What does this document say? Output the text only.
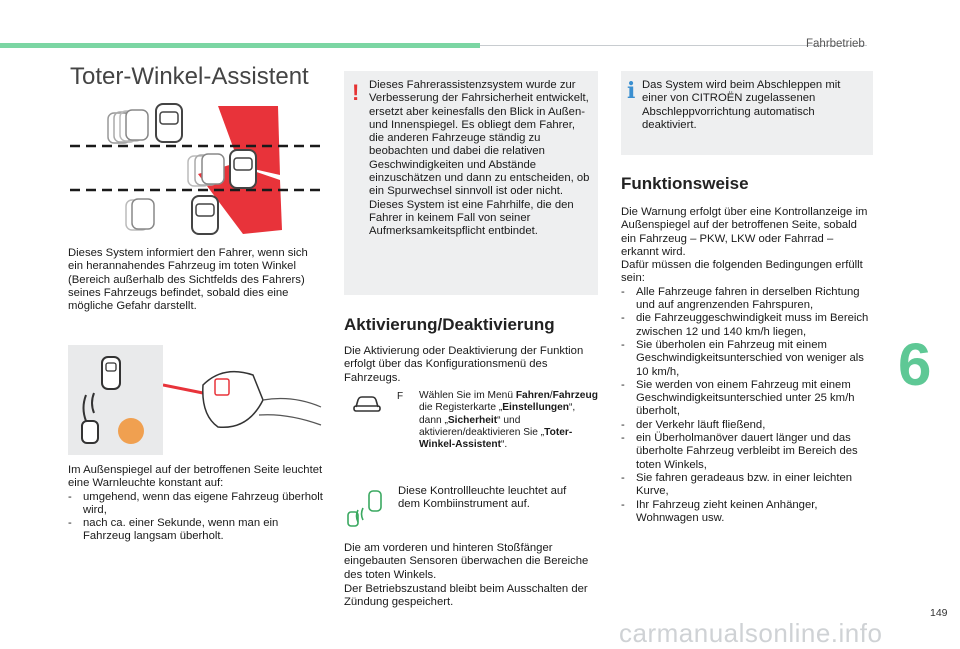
Fahrbetrieb
6
149
carmanualsonline.info
Toter-Winkel-Assistent
Dieses System informiert den Fahrer, wenn sich ein herannahendes Fahrzeug im toten Winkel (Bereich außerhalb des Sichtfelds des Fahrers) seines Fahrzeugs befindet, sobald dies eine mögliche Gefahr darstellt.
Im Außenspiegel auf der betroffenen Seite leuchtet eine Warnleuchte konstant auf:
- umgehend, wenn das eigene Fahrzeug überholt wird,
- nach ca. einer Sekunde, wenn man ein Fahrzeug langsam überholt.
! Dieses Fahrerassistenzsystem wurde zur Verbesserung der Fahrsicherheit entwickelt, ersetzt aber keinesfalls den Blick in Außen- und Innenspiegel. Es obliegt dem Fahrer, die anderen Fahrzeuge ständig zu beobachten und dabei die relativen Geschwindigkeiten und Abstände einzuschätzen und dann zu entscheiden, ob ein Spurwechsel sinnvoll ist oder nicht. Dieses System ist eine Fahrhilfe, die den Fahrer in keinem Fall von seiner Aufmerksamkeitspflicht entbindet.
Aktivierung/Deaktivierung
Die Aktivierung oder Deaktivierung der Funktion erfolgt über das Konfigurationsmenü des Fahrzeugs.
F Wählen Sie im Menü Fahren/Fahrzeug die Registerkarte „Einstellungen“, dann „Sicherheit“ und aktivieren/deaktivieren Sie „Toter-Winkel-Assistent“.
Diese Kontrollleuchte leuchtet auf dem Kombiinstrument auf.
Die am vorderen und hinteren Stoßfänger eingebauten Sensoren überwachen die Bereiche des toten Winkels.
Der Betriebszustand bleibt beim Ausschalten der Zündung gespeichert.
i Das System wird beim Abschleppen mit einer von CITROËN zugelassenen Abschleppvorrichtung automatisch deaktiviert.
Funktionsweise
Die Warnung erfolgt über eine Kontrollanzeige im Außenspiegel auf der betroffenen Seite, sobald ein Fahrzeug – PKW, LKW oder Fahrrad – erkannt wird.
Dafür müssen die folgenden Bedingungen erfüllt sein:
- Alle Fahrzeuge fahren in derselben Richtung und auf angrenzenden Fahrspuren,
- die Fahrzeuggeschwindigkeit muss im Bereich zwischen 12 und 140 km/h liegen,
- Sie überholen ein Fahrzeug mit einem Geschwindigkeitsunterschied von weniger als 10 km/h,
- Sie werden von einem Fahrzeug mit einem Geschwindigkeitsunterschied unter 25 km/h überholt,
- der Verkehr läuft fließend,
- ein Überholmanöver dauert länger und das überholte Fahrzeug verbleibt im Bereich des toten Winkels,
- Sie fahren geradeaus bzw. in einer leichten Kurve,
- Ihr Fahrzeug zieht keinen Anhänger, Wohnwagen usw.
